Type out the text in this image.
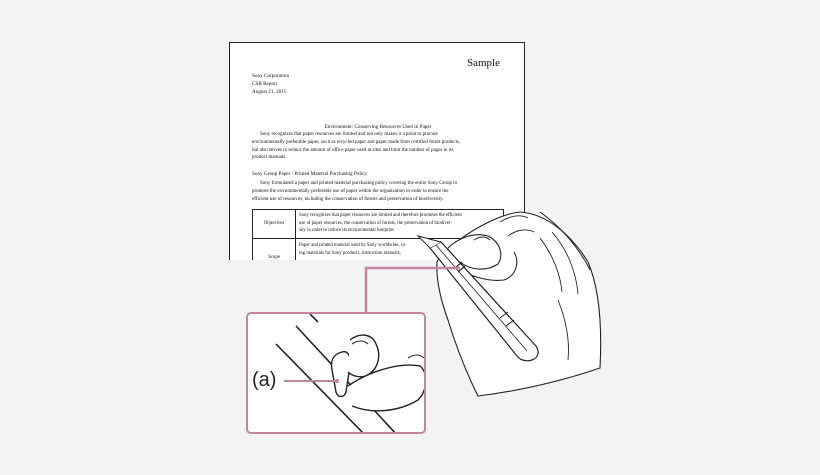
Sample
Sony Corporation
CSR Report
August 21, 2015
Environment: Conserving Resources Used in Paper
Sony recognizes that paper resources are limited and not only makes it a point to procure
environmentally preferable paper, such as recycled paper and paper made from certified forest products,
but also strives to reduce the amount of office paper used at sites and limit the number of pages in its
product manuals.
Sony Group Paper / Printed Material Purchasing Policy
Sony formulated a paper and printed material purchasing policy covering the entire Sony Group to
promote the environmentally preferable use of paper within the organization in order to ensure the
efficient use of resources, including the conservation of forests and preservation of biodiversity.
Objectives
Sony recognizes that paper resources are limited and therefore promotes the efficient
use of paper resources, the conservation of forests, the preservation of biodiver-
sity in order to reduce its environmental footprint.
Scope
Paper and printed material used by Sony worldwide, co
ing materials for Sony products, instruction manuals,
(a)
